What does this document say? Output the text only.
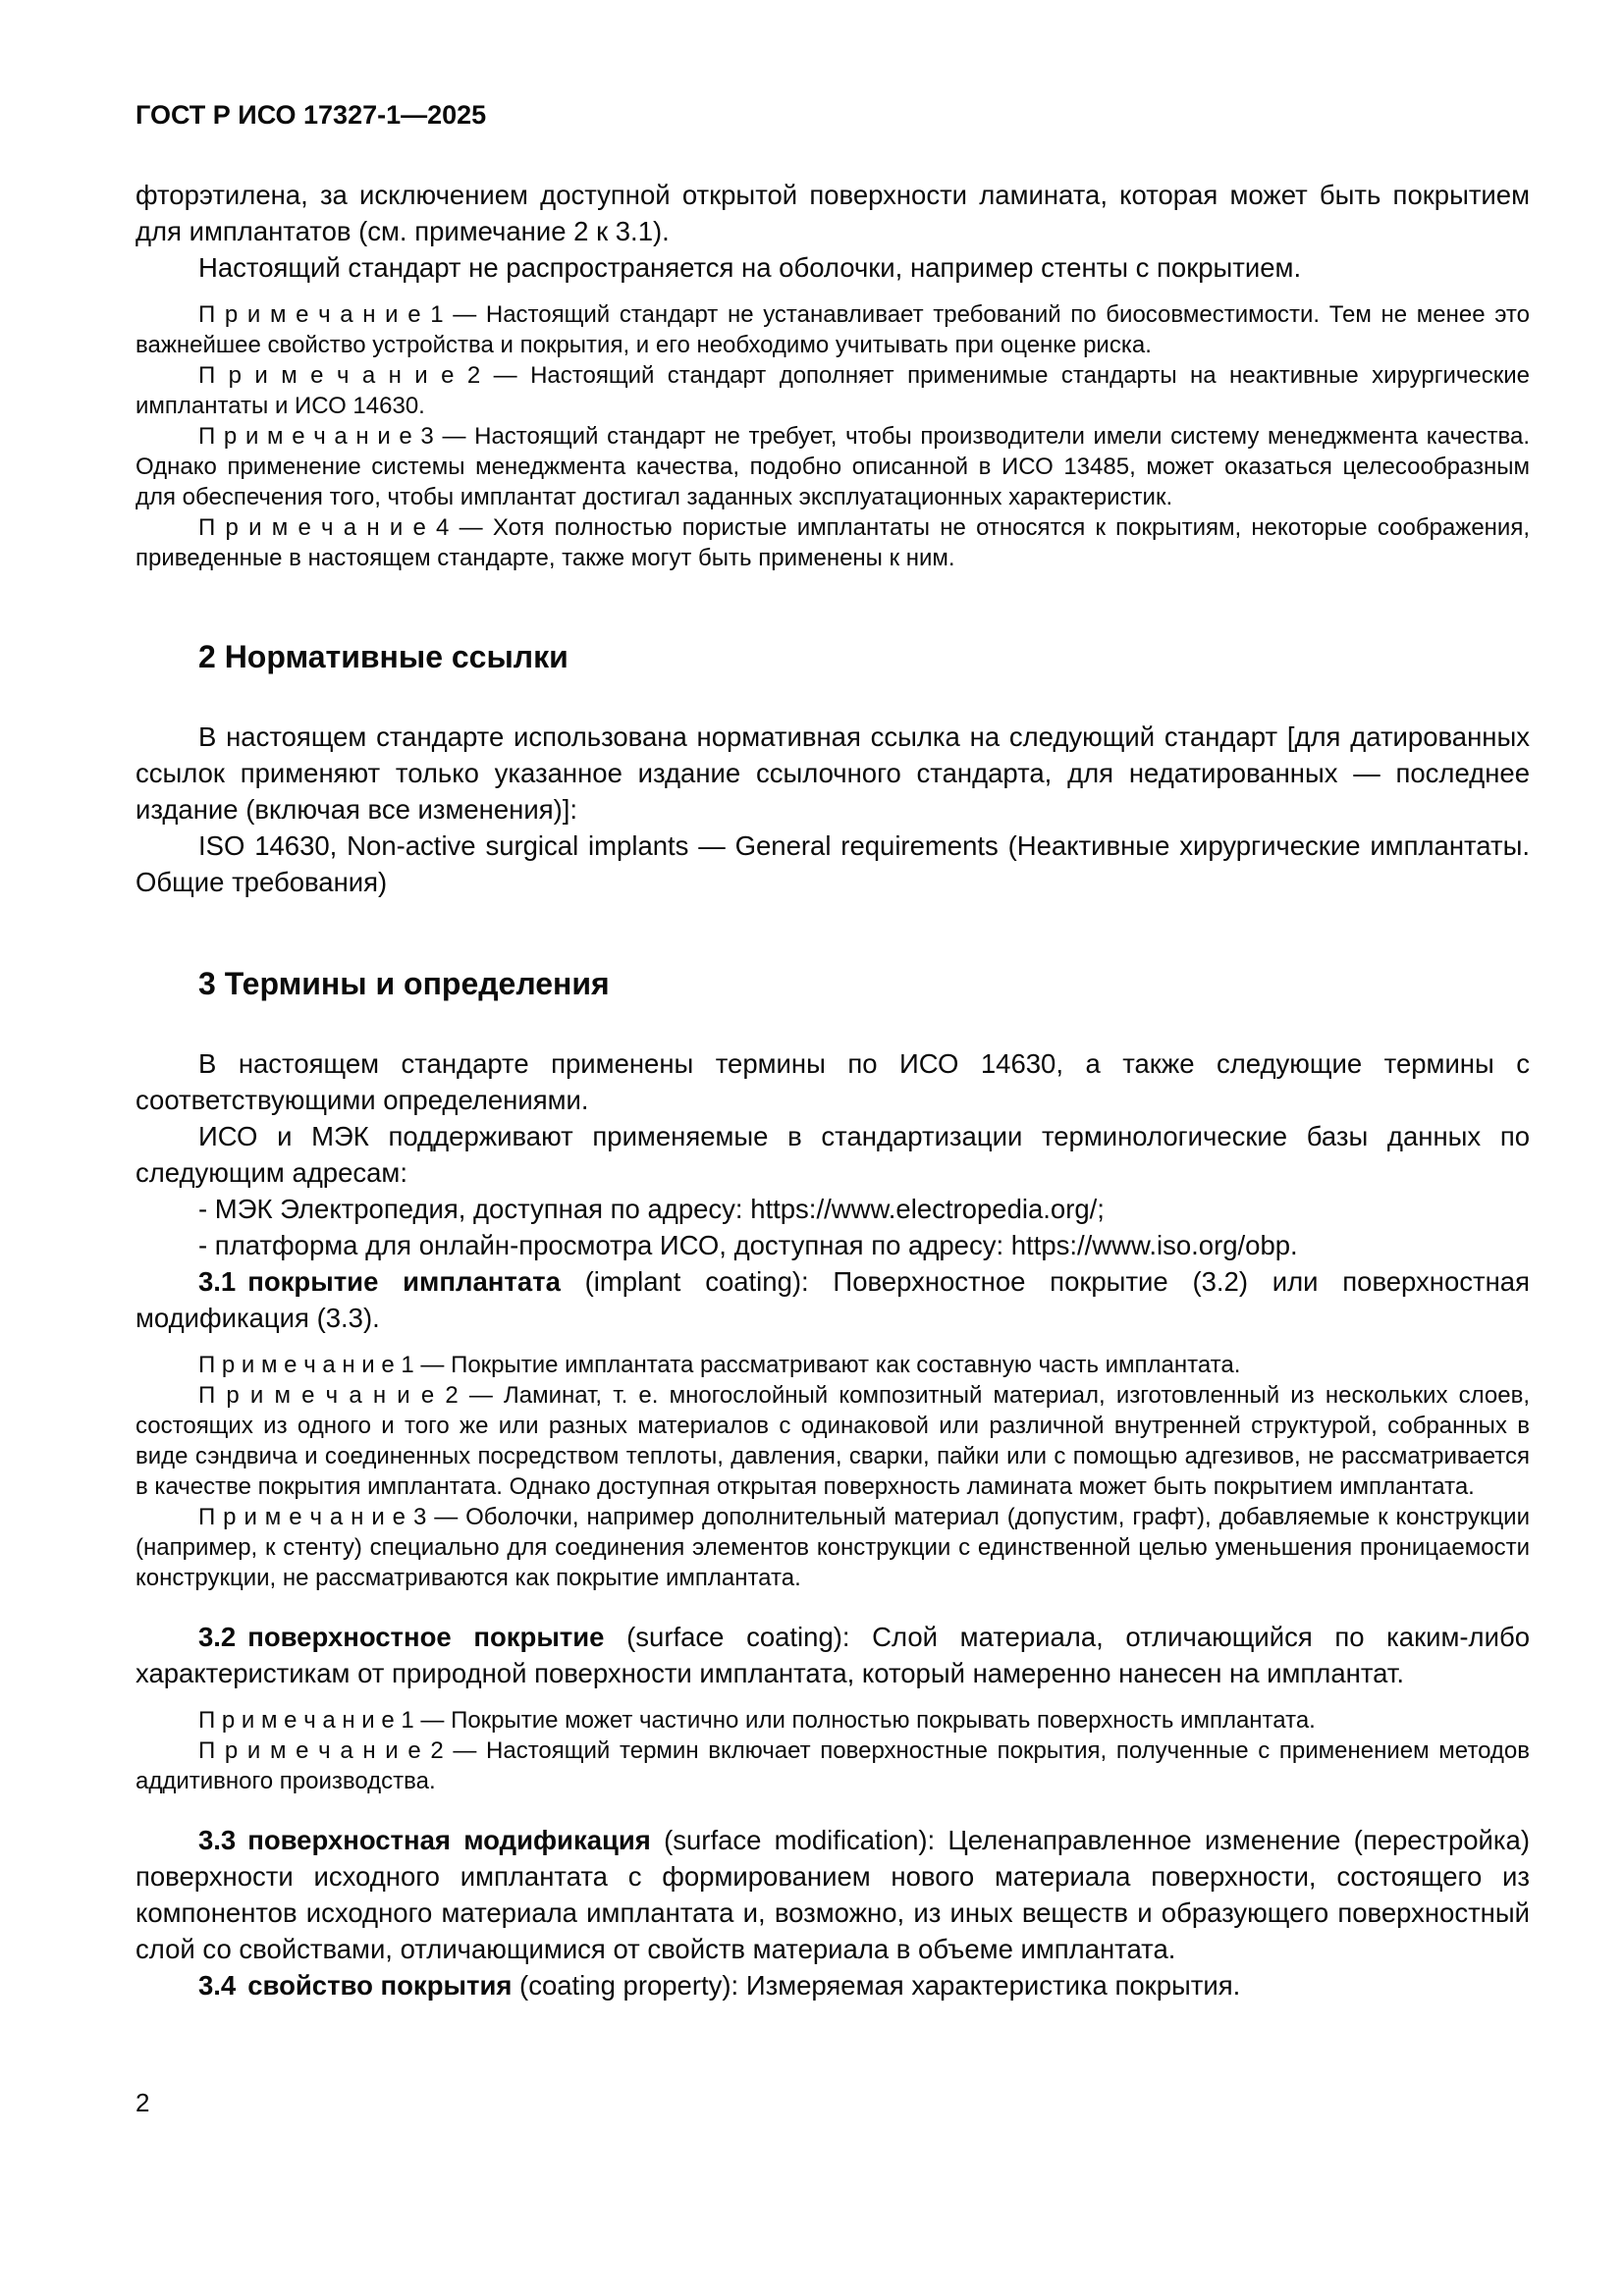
ГОСТ Р ИСО 17327-1—2025

фторэтилена, за исключением доступной открытой поверхности ламината, которая может быть покрытием для имплантатов (см. примечание 2 к 3.1).

Настоящий стандарт не распространяется на оболочки, например стенты с покрытием.

П р и м е ч а н и е 1 — Настоящий стандарт не устанавливает требований по биосовместимости. Тем не менее это важнейшее свойство устройства и покрытия, и его необходимо учитывать при оценке риска.

П р и м е ч а н и е 2 — Настоящий стандарт дополняет применимые стандарты на неактивные хирургические имплантаты и ИСО 14630.

П р и м е ч а н и е 3 — Настоящий стандарт не требует, чтобы производители имели систему менеджмента качества. Однако применение системы менеджмента качества, подобно описанной в ИСО 13485, может оказаться целесообразным для обеспечения того, чтобы имплантат достигал заданных эксплуатационных характеристик.

П р и м е ч а н и е 4 — Хотя полностью пористые имплантаты не относятся к покрытиям, некоторые соображения, приведенные в настоящем стандарте, также могут быть применены к ним.

2 Нормативные ссылки

В настоящем стандарте использована нормативная ссылка на следующий стандарт [для датированных ссылок применяют только указанное издание ссылочного стандарта, для недатированных — последнее издание (включая все изменения)]:

ISO 14630, Non-active surgical implants — General requirements (Неактивные хирургические имплантаты. Общие требования)

3 Термины и определения

В настоящем стандарте применены термины по ИСО 14630, а также следующие термины с соответствующими определениями.

ИСО и МЭК поддерживают применяемые в стандартизации терминологические базы данных по следующим адресам:

- МЭК Электропедия, доступная по адресу: https://www.electropedia.org/;

- платформа для онлайн-просмотра ИСО, доступная по адресу: https://www.iso.org/obp.

3.1 покрытие имплантата (implant coating): Поверхностное покрытие (3.2) или поверхностная модификация (3.3).

П р и м е ч а н и е 1 — Покрытие имплантата рассматривают как составную часть имплантата.

П р и м е ч а н и е 2 — Ламинат, т. е. многослойный композитный материал, изготовленный из нескольких слоев, состоящих из одного и того же или разных материалов с одинаковой или различной внутренней структурой, собранных в виде сэндвича и соединенных посредством теплоты, давления, сварки, пайки или с помощью адгезивов, не рассматривается в качестве покрытия имплантата. Однако доступная открытая поверхность ламината может быть покрытием имплантата.

П р и м е ч а н и е 3 — Оболочки, например дополнительный материал (допустим, графт), добавляемые к конструкции (например, к стенту) специально для соединения элементов конструкции с единственной целью уменьшения проницаемости конструкции, не рассматриваются как покрытие имплантата.

3.2 поверхностное покрытие (surface coating): Слой материала, отличающийся по каким-либо характеристикам от природной поверхности имплантата, который намеренно нанесен на имплантат.

П р и м е ч а н и е 1 — Покрытие может частично или полностью покрывать поверхность имплантата.

П р и м е ч а н и е 2 — Настоящий термин включает поверхностные покрытия, полученные с применением методов аддитивного производства.

3.3 поверхностная модификация (surface modification): Целенаправленное изменение (перестройка) поверхности исходного имплантата с формированием нового материала поверхности, состоящего из компонентов исходного материала имплантата и, возможно, из иных веществ и образующего поверхностный слой со свойствами, отличающимися от свойств материала в объеме имплантата.

3.4 свойство покрытия (coating property): Измеряемая характеристика покрытия.

2
